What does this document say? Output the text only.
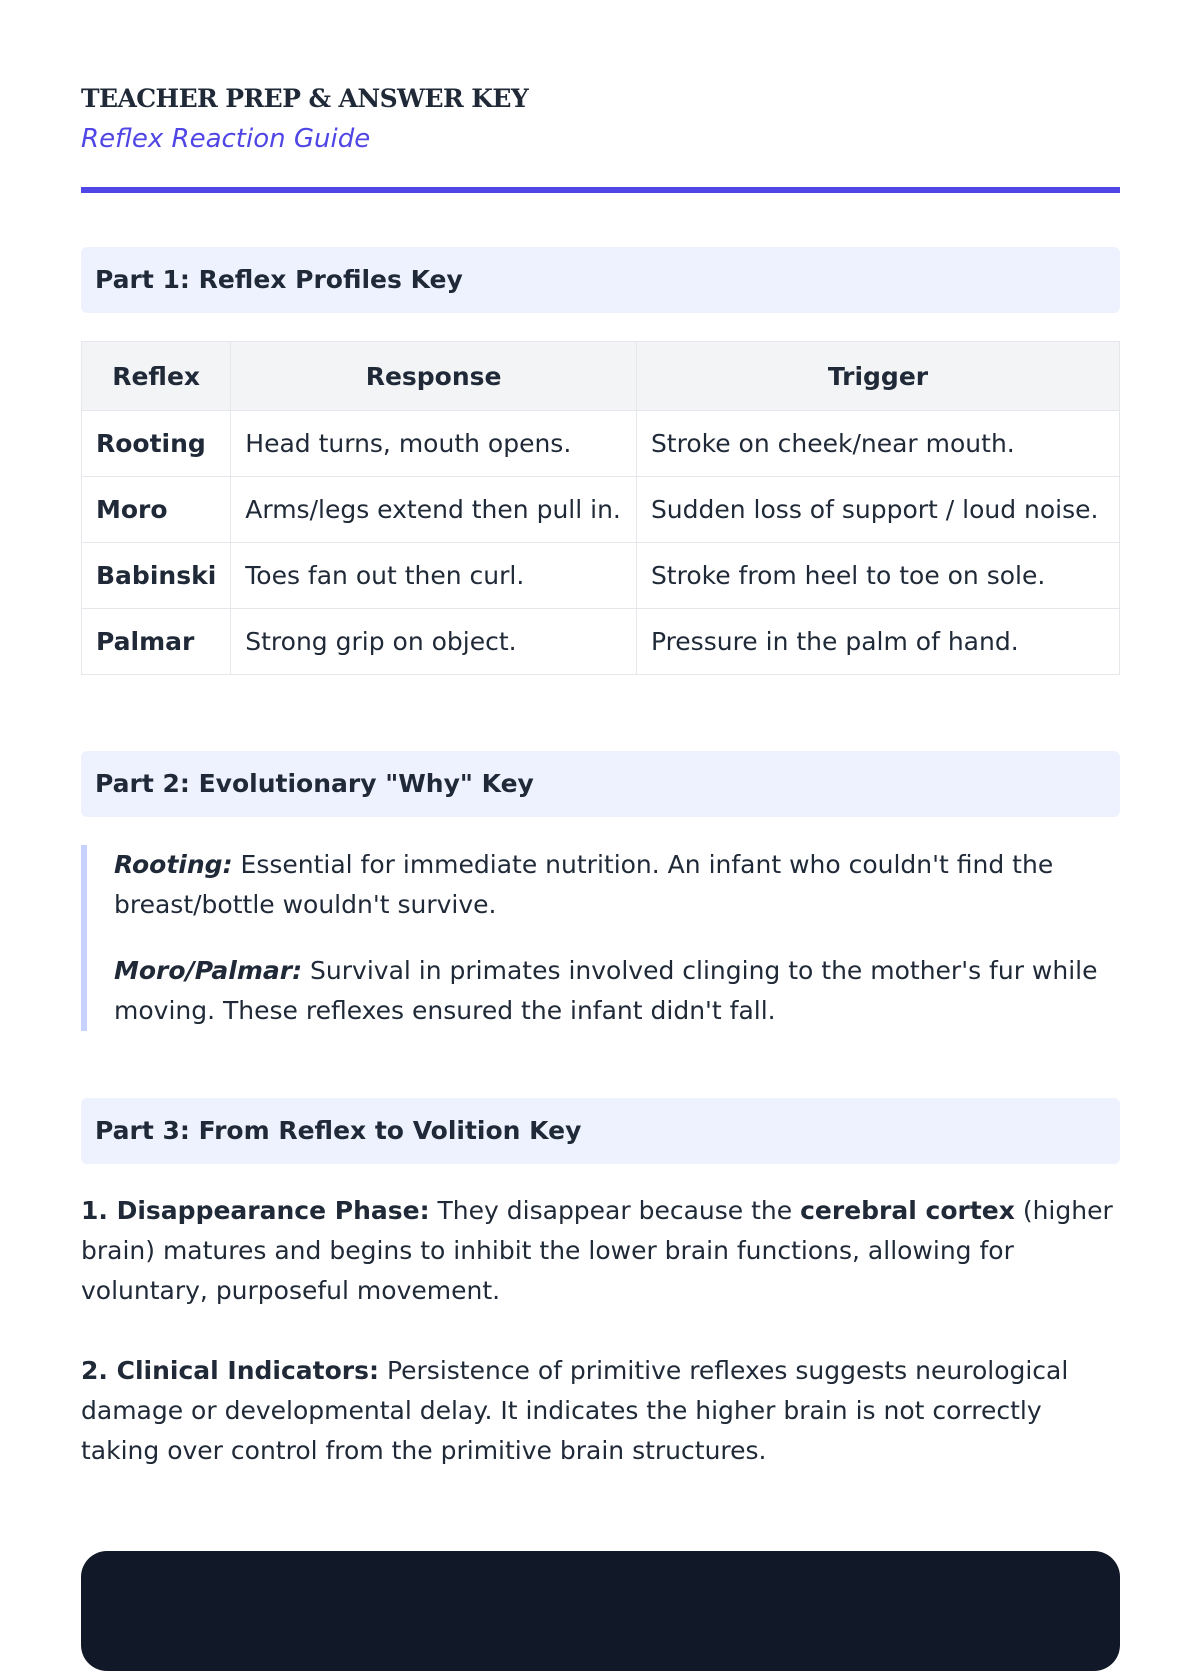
TEACHER PREP & ANSWER KEY
Reflex Reaction Guide
Part 1: Reflex Profiles Key
Reflex	Response	Trigger
Rooting	Head turns, mouth opens.	Stroke on cheek/near mouth.
Moro	Arms/legs extend then pull in.	Sudden loss of support / loud noise.
Babinski	Toes fan out then curl.	Stroke from heel to toe on sole.
Palmar	Strong grip on object.	Pressure in the palm of hand.
Part 2: Evolutionary "Why" Key

Rooting: Essential for immediate nutrition. An infant who couldn't find the breast/bottle wouldn't survive.

Moro/Palmar: Survival in primates involved clinging to the mother's fur while moving. These reflexes ensured the infant didn't fall.

Part 3: From Reflex to Volition Key

1. Disappearance Phase: They disappear because the cerebral cortex (higher brain) matures and begins to inhibit the lower brain functions, allowing for voluntary, purposeful movement.

2. Clinical Indicators: Persistence of primitive reflexes suggests neurological damage or developmental delay. It indicates the higher brain is not correctly taking over control from the primitive brain structures.
